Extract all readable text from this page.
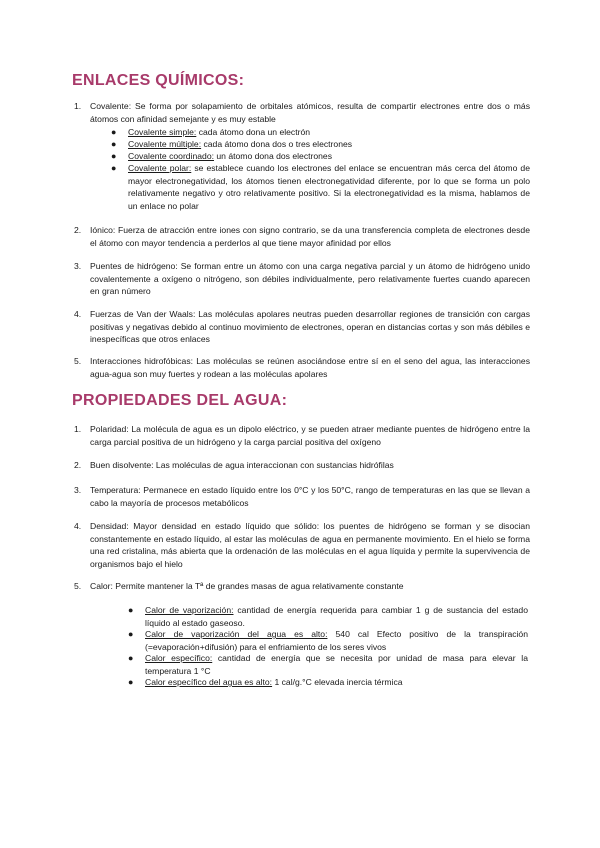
ENLACES QUÍMICOS:
1. Covalente: Se forma por solapamiento de orbitales atómicos, resulta de compartir electrones entre dos o más átomos con afinidad semejante y es muy estable
● Covalente simple: cada átomo dona un electrón
● Covalente múltiple: cada átomo dona dos o tres electrones
● Covalente coordinado: un átomo dona dos electrones
● Covalente polar: se establece cuando los electrones del enlace se encuentran más cerca del átomo de mayor electronegatividad, los átomos tienen electronegatividad diferente, por lo que se forma un polo relativamente negativo y otro relativamente positivo. Si la electronegatividad es la misma, hablamos de un enlace no polar
2. Iónico: Fuerza de atracción entre iones con signo contrario, se da una transferencia completa de electrones desde el átomo con mayor tendencia a perderlos al que tiene mayor afinidad por ellos
3. Puentes de hidrógeno: Se forman entre un átomo con una carga negativa parcial y un átomo de hidrógeno unido covalentemente a oxígeno o nitrógeno, son débiles individualmente, pero relativamente fuertes cuando aparecen en gran número
4. Fuerzas de Van der Waals: Las moléculas apolares neutras pueden desarrollar regiones de transición con cargas positivas y negativas debido al continuo movimiento de electrones, operan en distancias cortas y son más débiles e inespecíficas que otros enlaces
5. Interacciones hidrofóbicas: Las moléculas se reúnen asociándose entre sí en el seno del agua, las interacciones agua-agua son muy fuertes y rodean a las moléculas apolares
PROPIEDADES DEL AGUA:
1. Polaridad: La molécula de agua es un dipolo eléctrico, y se pueden atraer mediante puentes de hidrógeno entre la carga parcial positiva de un hidrógeno y la carga parcial positiva del oxígeno
2. Buen disolvente: Las moléculas de agua interaccionan con sustancias hidrófilas
3. Temperatura: Permanece en estado líquido entre los 0°C y los 50°C, rango de temperaturas en las que se llevan a cabo la mayoría de procesos metabólicos
4. Densidad: Mayor densidad en estado líquido que sólido: los puentes de hidrógeno se forman y se disocian constantemente en estado líquido, al estar las moléculas de agua en permanente movimiento. En el hielo se forma una red cristalina, más abierta que la ordenación de las moléculas en el agua líquida y permite la supervivencia de organismos bajo el hielo
5. Calor: Permite mantener la Tª de grandes masas de agua relativamente constante
● Calor de vaporización: cantidad de energía requerida para cambiar 1 g de sustancia del estado líquido al estado gaseoso.
● Calor de vaporización del agua es alto: 540 cal Efecto positivo de la transpiración (=evaporación+difusión) para el enfriamiento de los seres vivos
● Calor específico: cantidad de energía que se necesita por unidad de masa para elevar la temperatura 1 °C
● Calor específico del agua es alto: 1 cal/g.°C elevada inercia térmica
